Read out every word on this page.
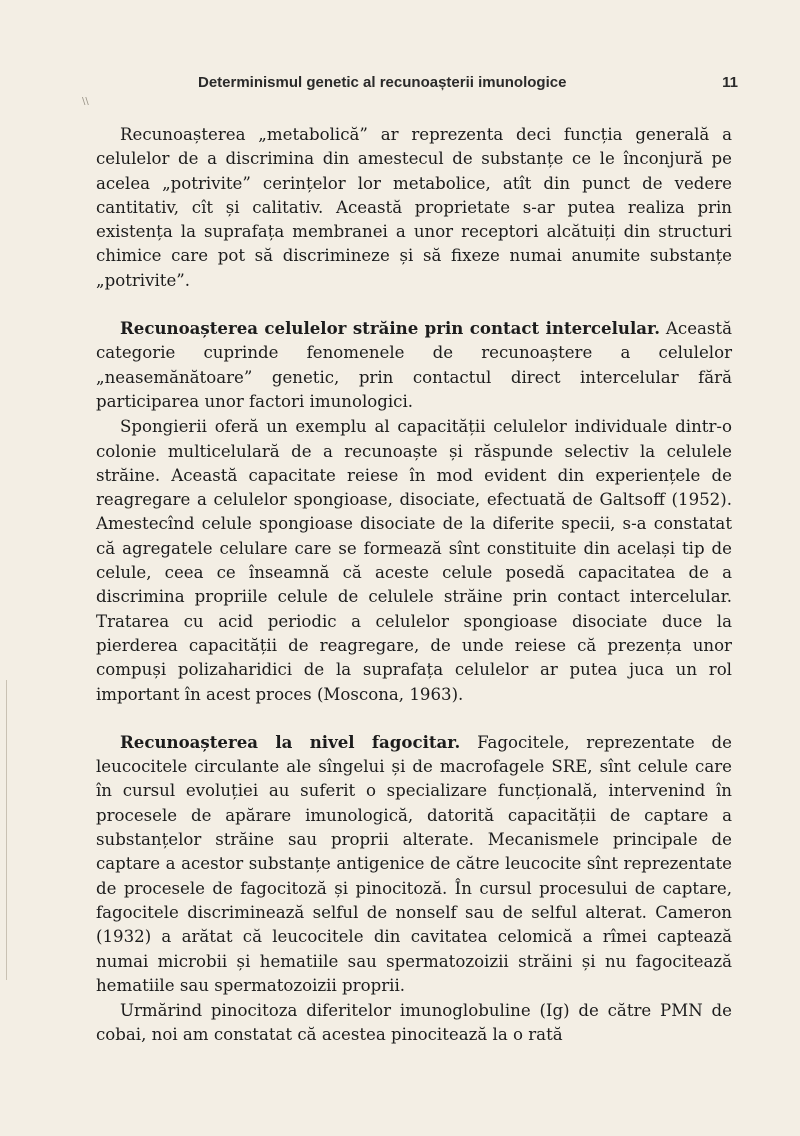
\\
Determinismul genetic al recunoașterii imunologice	11

Recunoașterea „metabolică” ar reprezenta deci funcția generală a celulelor de a discrimina din amestecul de substanțe ce le înconjură pe acelea „potrivite” cerințelor lor metabolice, atît din punct de vedere cantitativ, cît și calitativ. Această proprietate s-ar putea realiza prin existența la suprafața membranei a unor receptori alcătuiți din structuri chimice care pot să discrimineze și să fixeze numai anumite substanțe „potrivite”.

Recunoașterea celulelor străine prin contact intercelular. Această categorie cuprinde fenomenele de recunoaștere a celulelor „neasemănătoare” genetic, prin contactul direct intercelular fără participarea unor factori imunologici.

Spongierii oferă un exemplu al capacității celulelor individuale dintr-o colonie multicelulară de a recunoaște și răspunde selectiv la celulele străine. Această capacitate reiese în mod evident din experiențele de reagregare a celulelor spongioase, disociate, efectuată de Galtsoff (1952). Amestecînd celule spongioase disociate de la diferite specii, s-a constatat că agregatele celulare care se formează sînt constituite din același tip de celule, ceea ce înseamnă că aceste celule posedă capacitatea de a discrimina propriile celule de celulele străine prin contact intercelular. Tratarea cu acid periodic a celulelor spongioase disociate duce la pierderea capacității de reagregare, de unde reiese că prezența unor compuși polizaharidici de la suprafața celulelor ar putea juca un rol important în acest proces (Moscona, 1963).

Recunoașterea la nivel fagocitar. Fagocitele, reprezentate de leucocitele circulante ale sîngelui și de macrofagele SRE, sînt celule care în cursul evoluției au suferit o specializare funcțională, intervenind în procesele de apărare imunologică, datorită capacității de captare a substanțelor străine sau proprii alterate. Mecanismele principale de captare a acestor substanțe antigenice de către leucocite sînt reprezentate de procesele de fagocitoză și pinocitoză. În cursul procesului de captare, fagocitele discriminează selful de nonself sau de selful alterat. Cameron (1932) a arătat că leucocitele din cavitatea celomică a rîmei captează numai microbii și hematiile sau spermatozoizii străini și nu fagocitează hematiile sau spermatozoizii proprii.

Urmărind pinocitoza diferitelor imunoglobuline (Ig) de către PMN de cobai, noi am constatat că acestea pinocitează la o rată
